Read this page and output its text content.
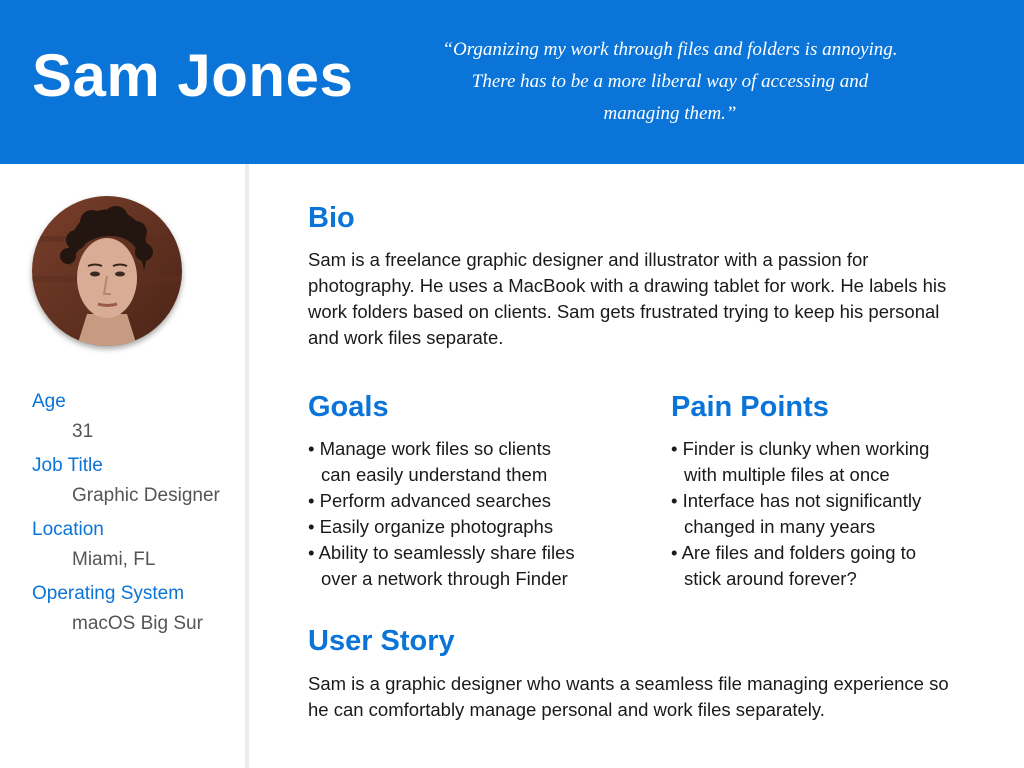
Sam Jones	“Organizing my work through files and folders is annoying.
There has to be a more liberal way of accessing and
managing them.”

Age

31

Job Title

Graphic Designer

Location

Miami, FL

Operating System

macOS Big Sur

Bio

Sam is a freelance graphic designer and illustrator with a passion for
photography. He uses a MacBook with a drawing tablet for work. He labels his
work folders based on clients. Sam gets frustrated trying to keep his personal
and work files separate.

Goals
• Manage work files so clients
can easily understand them
• Perform advanced searches
• Easily organize photographs
• Ability to seamlessly share files
over a network through Finder
Pain Points
• Finder is clunky when working
with multiple files at once
• Interface has not significantly
changed in many years
• Are files and folders going to
stick around forever?
User Story

Sam is a graphic designer who wants a seamless file managing experience so
he can comfortably manage personal and work files separately.
